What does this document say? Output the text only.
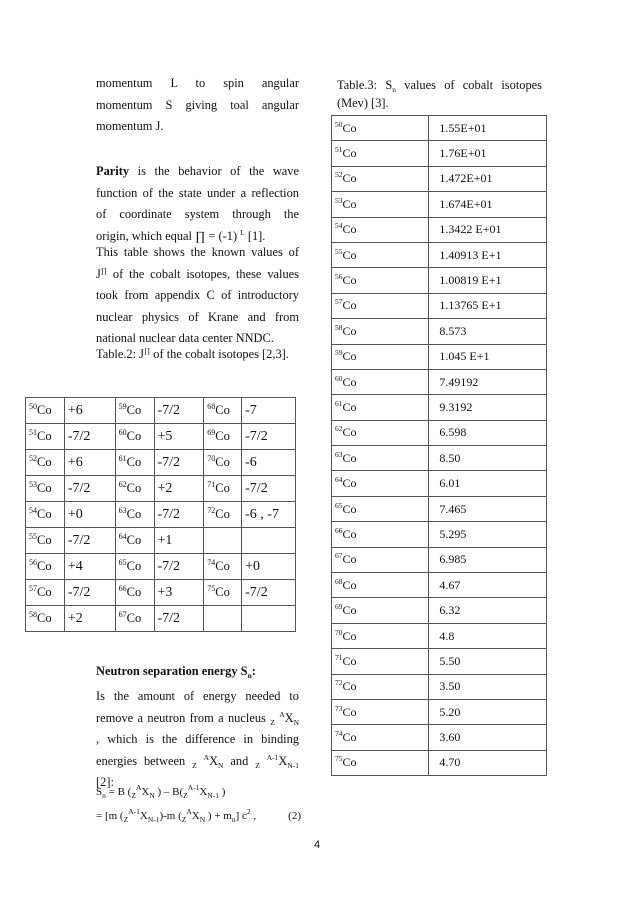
momentum L to spin angular

momentum S giving toal angular

momentum J.

Parity is the behavior of the wave

function of the state under a reflection

of coordinate system through the

origin, which equal ∏ = (-1) $^L$ [1].

This table shows the known values of

J∏ of the cobalt isotopes, these values

took from appendix C of introductory

nuclear physics of Krane and from

national nuclear data center NNDC.

Table.2: J∏ of the cobalt isotopes [2,3].
$^{50}$Co	+6	$^{59}$Co	-7/2	$^{68}$Co	-7
$^{51}$Co	-7/2	$^{60}$Co	+5	$^{69}$Co	-7/2
$^{52}$Co	+6	$^{61}$Co	-7/2	$^{70}$Co	-6
$^{53}$Co	-7/2	$^{62}$Co	+2	$^{71}$Co	-7/2
$^{54}$Co	+0	$^{63}$Co	-7/2	$^{72}$Co	-6 , -7
$^{55}$Co	-7/2	$^{64}$Co	+1		
$^{56}$Co	+4	$^{65}$Co	-7/2	$^{74}$Co	+0
$^{57}$Co	-7/2	$^{66}$Co	+3	$^{75}$Co	-7/2
$^{58}$Co	+2	$^{67}$Co	-7/2		
Neutron separation energy $S_n$:

Is the amount of energy needed to

remove a neutron from a nucleus $_Z$ $^AX_N$

, which is the difference in binding

energies between $_Z$ $^AX_N$ and $_Z$ $^{A-1}X_{N-1}$

[2]:

$S_n = B$ ($_Z^AX_N$ ) – $B(_Z^{A-1}X_{N-1}$ )
= [m $(_Z^{A-1}X_{N-1})-m$ ($_Z^AX_N$ ) + $m_n$] $c^2$ ,	(2)

Table.3: $S_n$ values of cobalt isotopes

(Mev) [3].

$^{50}$Co	1.55E+01
$^{51}$Co	1.76E+01
$^{52}$Co	1.472E+01
$^{53}$Co	1.674E+01
$^{54}$Co	1.3422 E+01
$^{55}$Co	1.40913 E+1
$^{56}$Co	1.00819 E+1
$^{57}$Co	1.13765 E+1
$^{58}$Co	8.573
$^{59}$Co	1.045 E+1
$^{60}$Co	7.49192
$^{61}$Co	9.3192
$^{62}$Co	6.598
$^{63}$Co	8.50
$^{64}$Co	6.01
$^{65}$Co	7.465
$^{66}$Co	5.295
$^{67}$Co	6.985
$^{68}$Co	4.67
$^{69}$Co	6.32
$^{70}$Co	4.8
$^{71}$Co	5.50
$^{72}$Co	3.50
$^{73}$Co	5.20
$^{74}$Co	3.60
$^{75}$Co	4.70
4
